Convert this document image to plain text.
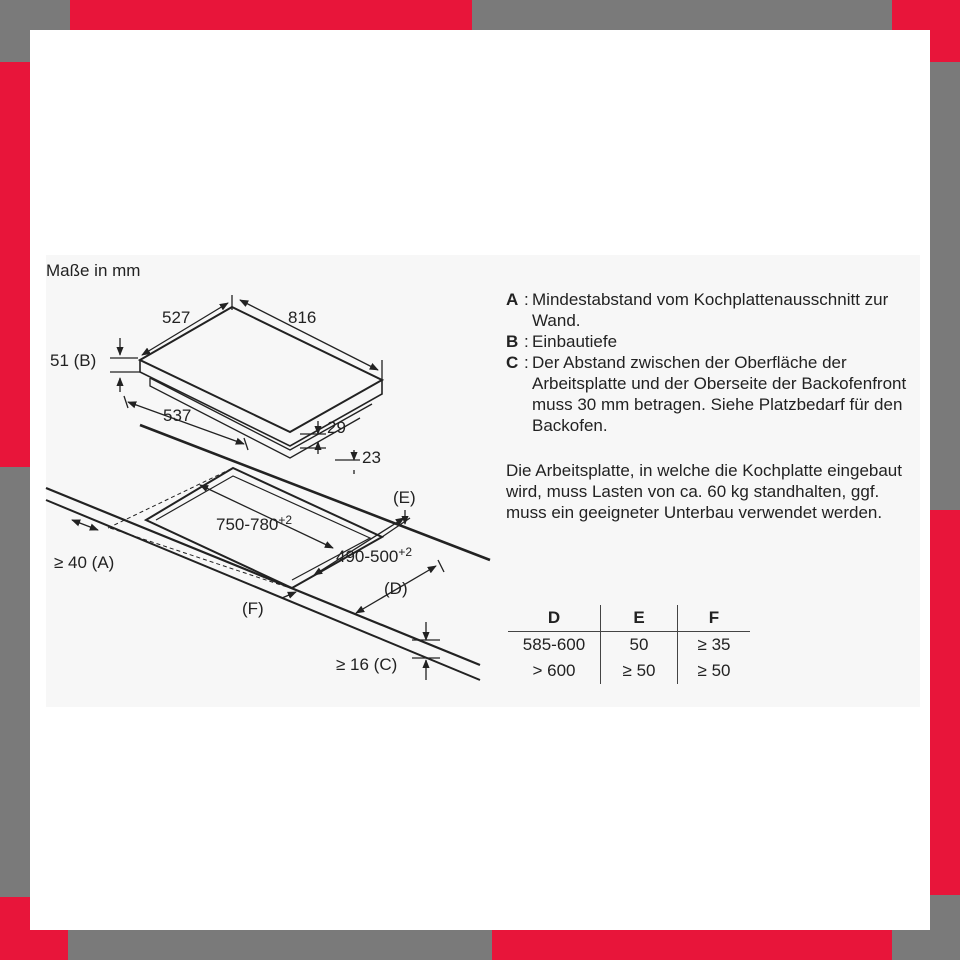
Maße in mm
527	816
51 (B)
537
29
23
(E)
$750-780^{+2}$
$490-500^{+2}$
≥ 40 (A)
(D)
(F)
≥ 16 (C)
A : Mindestabstand vom Kochplattenausschnitt zur Wand.
B : Einbautiefe
C : Der Abstand zwischen der Oberfläche der Arbeitsplatte und der Oberseite der Backofenfront muss 30 mm betragen. Siehe Platzbedarf für den Backofen.
Die Arbeitsplatte, in welche die Kochplatte eingebaut wird, muss Lasten von ca. 60 kg standhalten, ggf. muss ein geeigneter Unterbau verwendet werden.
D	E	F
585-600	50	≥ 35
> 600	≥ 50	≥ 50
